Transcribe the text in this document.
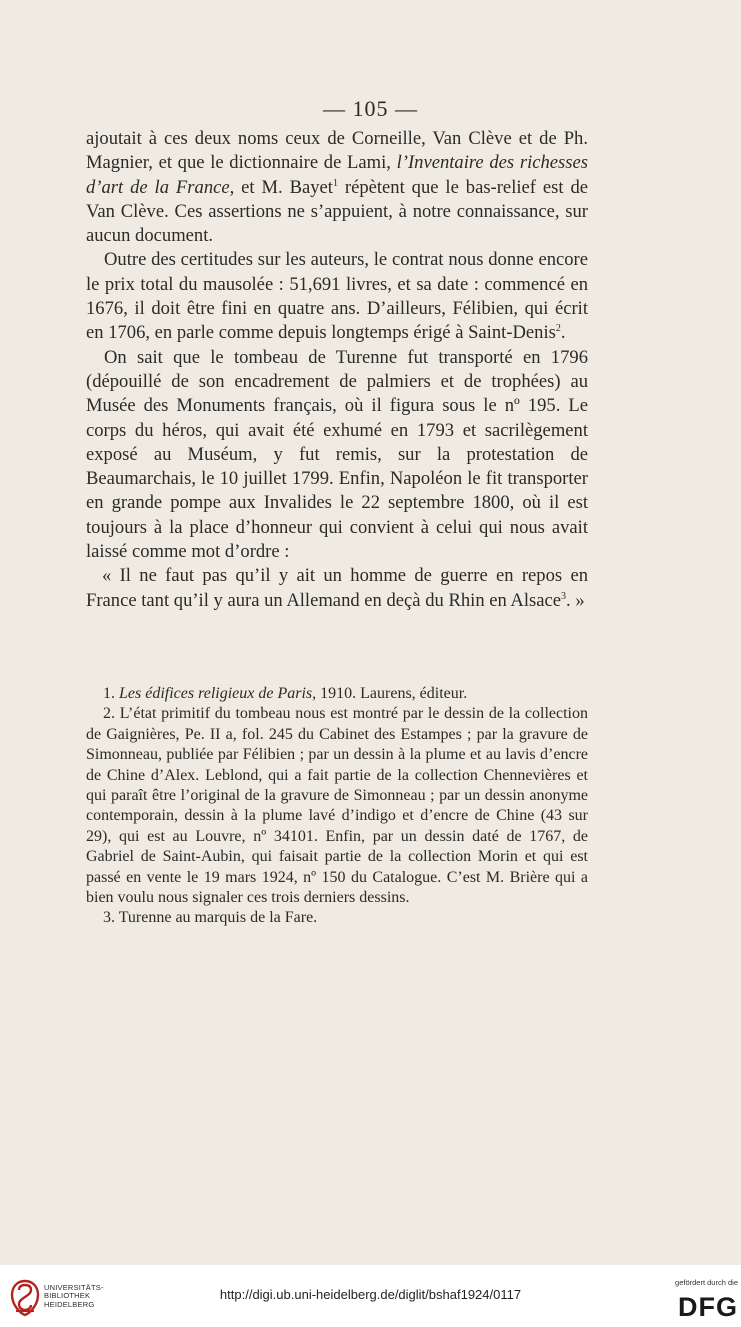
— 105 —

ajoutait à ces deux noms ceux de Corneille, Van Clève et de Ph. Magnier, et que le dictionnaire de Lami, l’Inventaire des richesses d’art de la France, et M. Bayet$^1$ répètent que le bas-relief est de Van Clève. Ces assertions ne s’appuient, à notre connaissance, sur aucun document.

Outre des certitudes sur les auteurs, le contrat nous donne encore le prix total du mausolée : 51,691 livres, et sa date : commencé en 1676, il doit être fini en quatre ans. D’ailleurs, Félibien, qui écrit en 1706, en parle comme depuis longtemps érigé à Saint-Denis$^2$.

On sait que le tombeau de Turenne fut transporté en 1796 (dépouillé de son encadrement de palmiers et de trophées) au Musée des Monuments français, où il figura sous le nº 195. Le corps du héros, qui avait été exhumé en 1793 et sacrilègement exposé au Muséum, y fut remis, sur la protestation de Beaumarchais, le 10 juillet 1799. Enfin, Napoléon le fit transporter en grande pompe aux Invalides le 22 septembre 1800, où il est toujours à la place d’honneur qui convient à celui qui nous avait laissé comme mot d’ordre :

« Il ne faut pas qu’il y ait un homme de guerre en repos en France tant qu’il y aura un Allemand en deçà du Rhin en Alsace$^3$. »

1. Les édifices religieux de Paris, 1910. Laurens, éditeur.

2. L’état primitif du tombeau nous est montré par le dessin de la collection de Gaignières, Pe. II a, fol. 245 du Cabinet des Estampes ; par la gravure de Simonneau, publiée par Félibien ; par un dessin à la plume et au lavis d’encre de Chine d’Alex. Leblond, qui a fait partie de la collection Chennevières et qui paraît être l’original de la gravure de Simonneau ; par un dessin anonyme contemporain, dessin à la plume lavé d’indigo et d’encre de Chine (43 sur 29), qui est au Louvre, nº 34101. Enfin, par un dessin daté de 1767, de Gabriel de Saint-Aubin, qui faisait partie de la collection Morin et qui est passé en vente le 19 mars 1924, nº 150 du Catalogue. C’est M. Brière qui a bien voulu nous signaler ces trois derniers dessins.

3. Turenne au marquis de la Fare.

UNIVERSITÄTS-
BIBLIOTHEK
HEIDELBERG
http://digi.ub.uni-heidelberg.de/diglit/bshaf1924/0117
gefördert durch die
DFG
